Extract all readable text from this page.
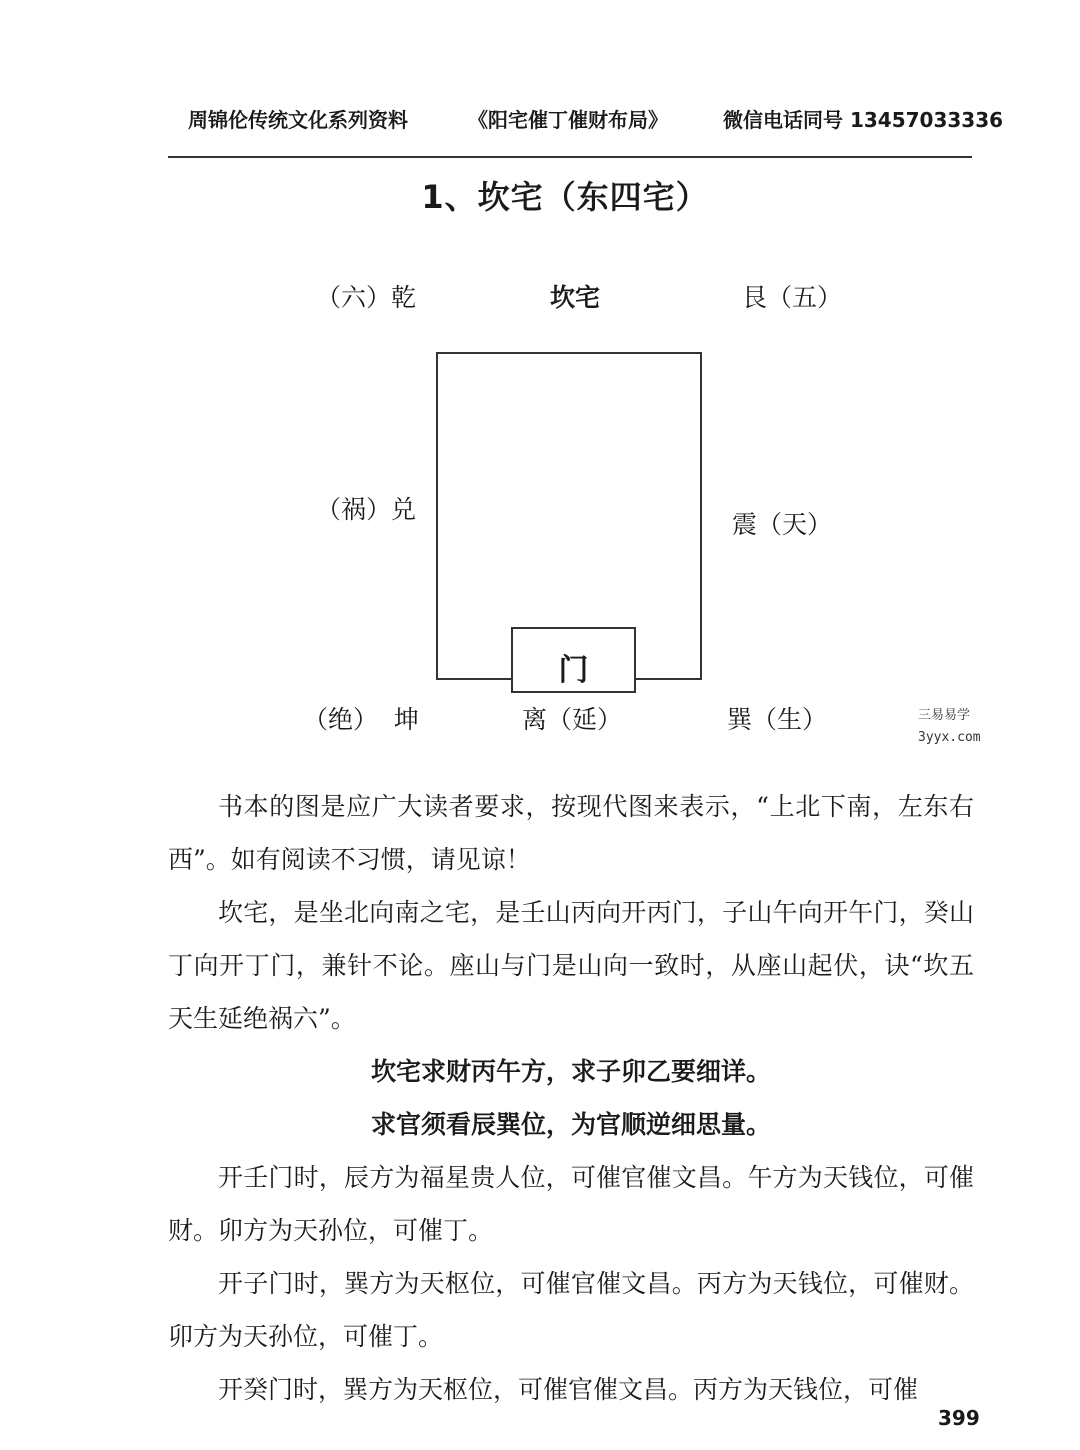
周锦伦传统文化系列资料	《阳宅催丁催财布局》	微信电话同号 13457033336
1、坎宅（东四宅）
（六）乾	坎宅	艮（五）
（祸）兑
震（天）
门
（绝）  坤	离（延）	巽（生）	三易易学
3yyx.com

书本的图是应广大读者要求，按现代图来表示，“上北下南，左东右西”。如有阅读不习惯，请见谅！

坎宅，是坐北向南之宅，是壬山丙向开丙门，子山午向开午门，癸山丁向开丁门，兼针不论。座山与门是山向一致时，从座山起伏，诀“坎五天生延绝祸六”。

坎宅求财丙午方，求子卯乙要细详。

求官须看辰巽位，为官顺逆细思量。

开壬门时，辰方为福星贵人位，可催官催文昌。午方为天钱位，可催财。卯方为天孙位，可催丁。

开子门时，巽方为天枢位，可催官催文昌。丙方为天钱位，可催财。卯方为天孙位，可催丁。

开癸门时，巽方为天枢位，可催官催文昌。丙方为天钱位，可催

399
